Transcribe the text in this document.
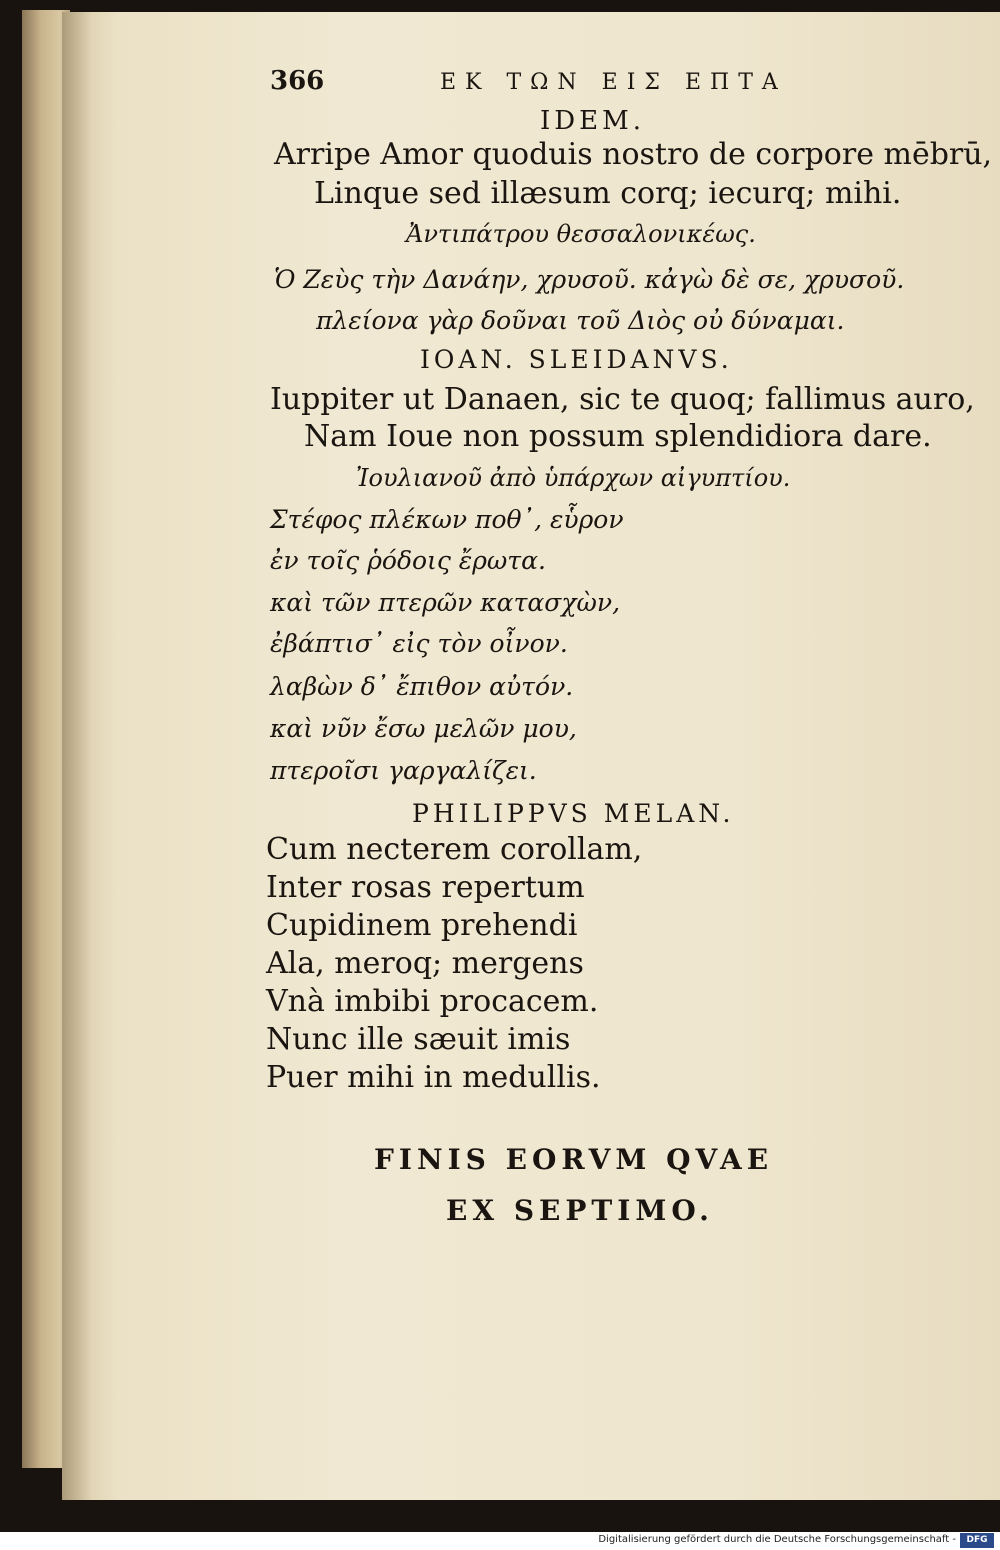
366	ΕΚ ΤΩΝ ΕΙΣ ΕΠΤΑ
IDEM.
Arripe Amor quoduis nostro de corpore mēbrū,
Linque sed illæsum corq; iecurq; mihi.
Ἀντιπάτρου θεσσαλονικέως.
Ὁ Ζεὺς τὴν Δανάην, χρυσοῦ. κἀγὼ δὲ σε, χρυσοῦ.
πλείονα γὰρ δοῦναι τοῦ Διὸς οὐ δύναμαι.
IOAN. SLEIDANVS.
Iuppiter ut Danaen, sic te quoq; fallimus auro,
Nam Ioue non possum splendidiora dare.
Ἰουλιανοῦ ἀπὸ ὑπάρχων αἰγυπτίου.
Στέφος πλέκων ποθ᾽, εὗρον
ἐν τοῖς ῥόδοις ἔρωτα.
καὶ τῶν πτερῶν κατασχὼν,
ἐβάπτισ᾽ εἰς τὸν οἶνον.
λαβὼν δ᾽ ἔπιθον αὐτόν.
καὶ νῦν ἔσω μελῶν μου,
πτεροῖσι γαργαλίζει.
PHILIPPVS MELAN.
Cum necterem corollam,
Inter rosas repertum
Cupidinem prehendi
Ala, meroq; mergens
Vnà imbibi procacem.
Nunc ille sæuit imis
Puer mihi in medullis.
FINIS EORVM QVAE
EX SEPTIMO.
Digitalisierung gefördert durch die Deutsche Forschungsgemeinschaft -	DFG
